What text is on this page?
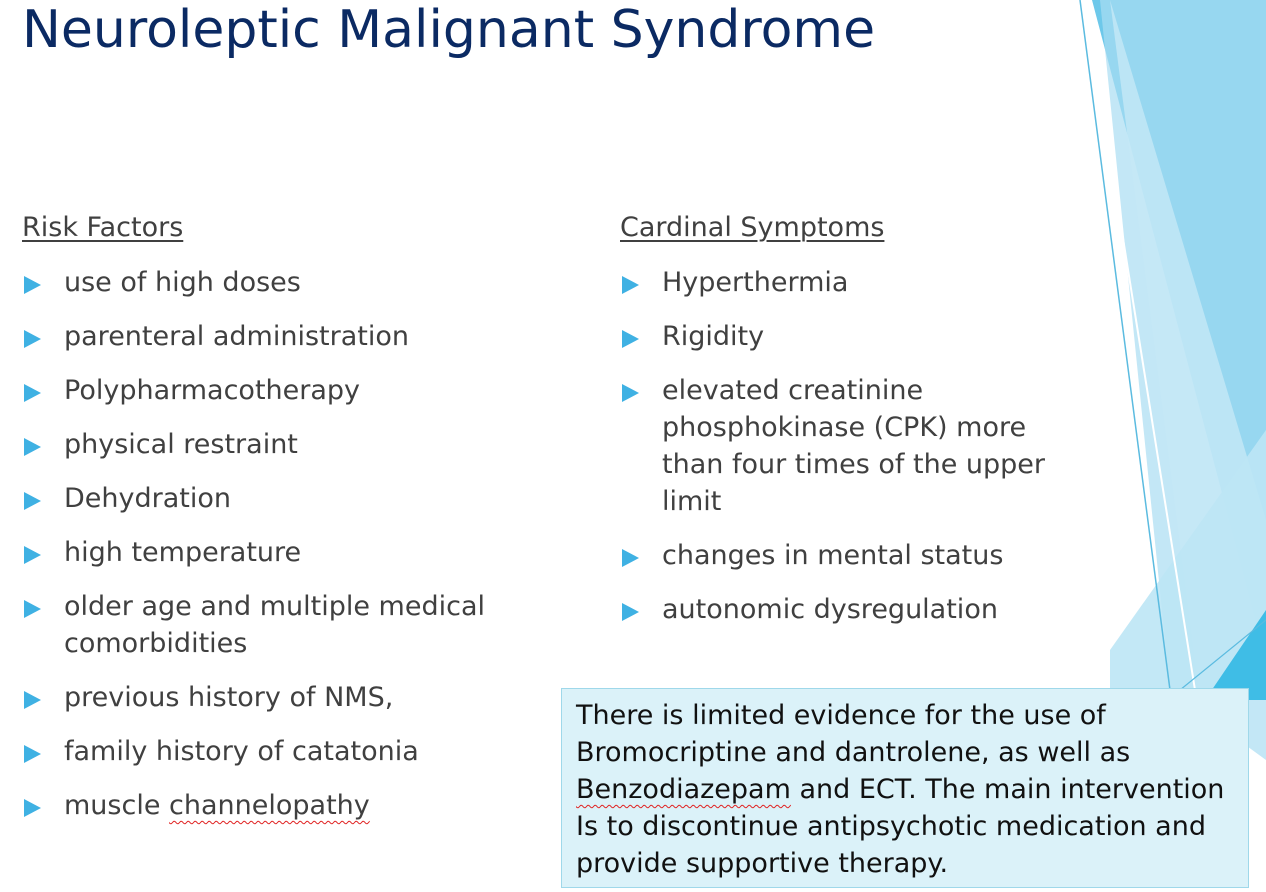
Neuroleptic Malignant Syndrome
Risk Factors
use of high doses
parenteral administration
Polypharmacotherapy
physical restraint
Dehydration
high temperature
older age and multiple medical comorbidities
previous history of NMS,
family history of catatonia
muscle channelopathy
Cardinal Symptoms
Hyperthermia
Rigidity
elevated creatinine phosphokinase (CPK) more than four times of the upper limit
changes in mental status
autonomic dysregulation
There is limited evidence for the use of Bromocriptine and dantrolene, as well as Benzodiazepam and ECT. The main intervention Is to discontinue antipsychotic medication and provide supportive therapy.
